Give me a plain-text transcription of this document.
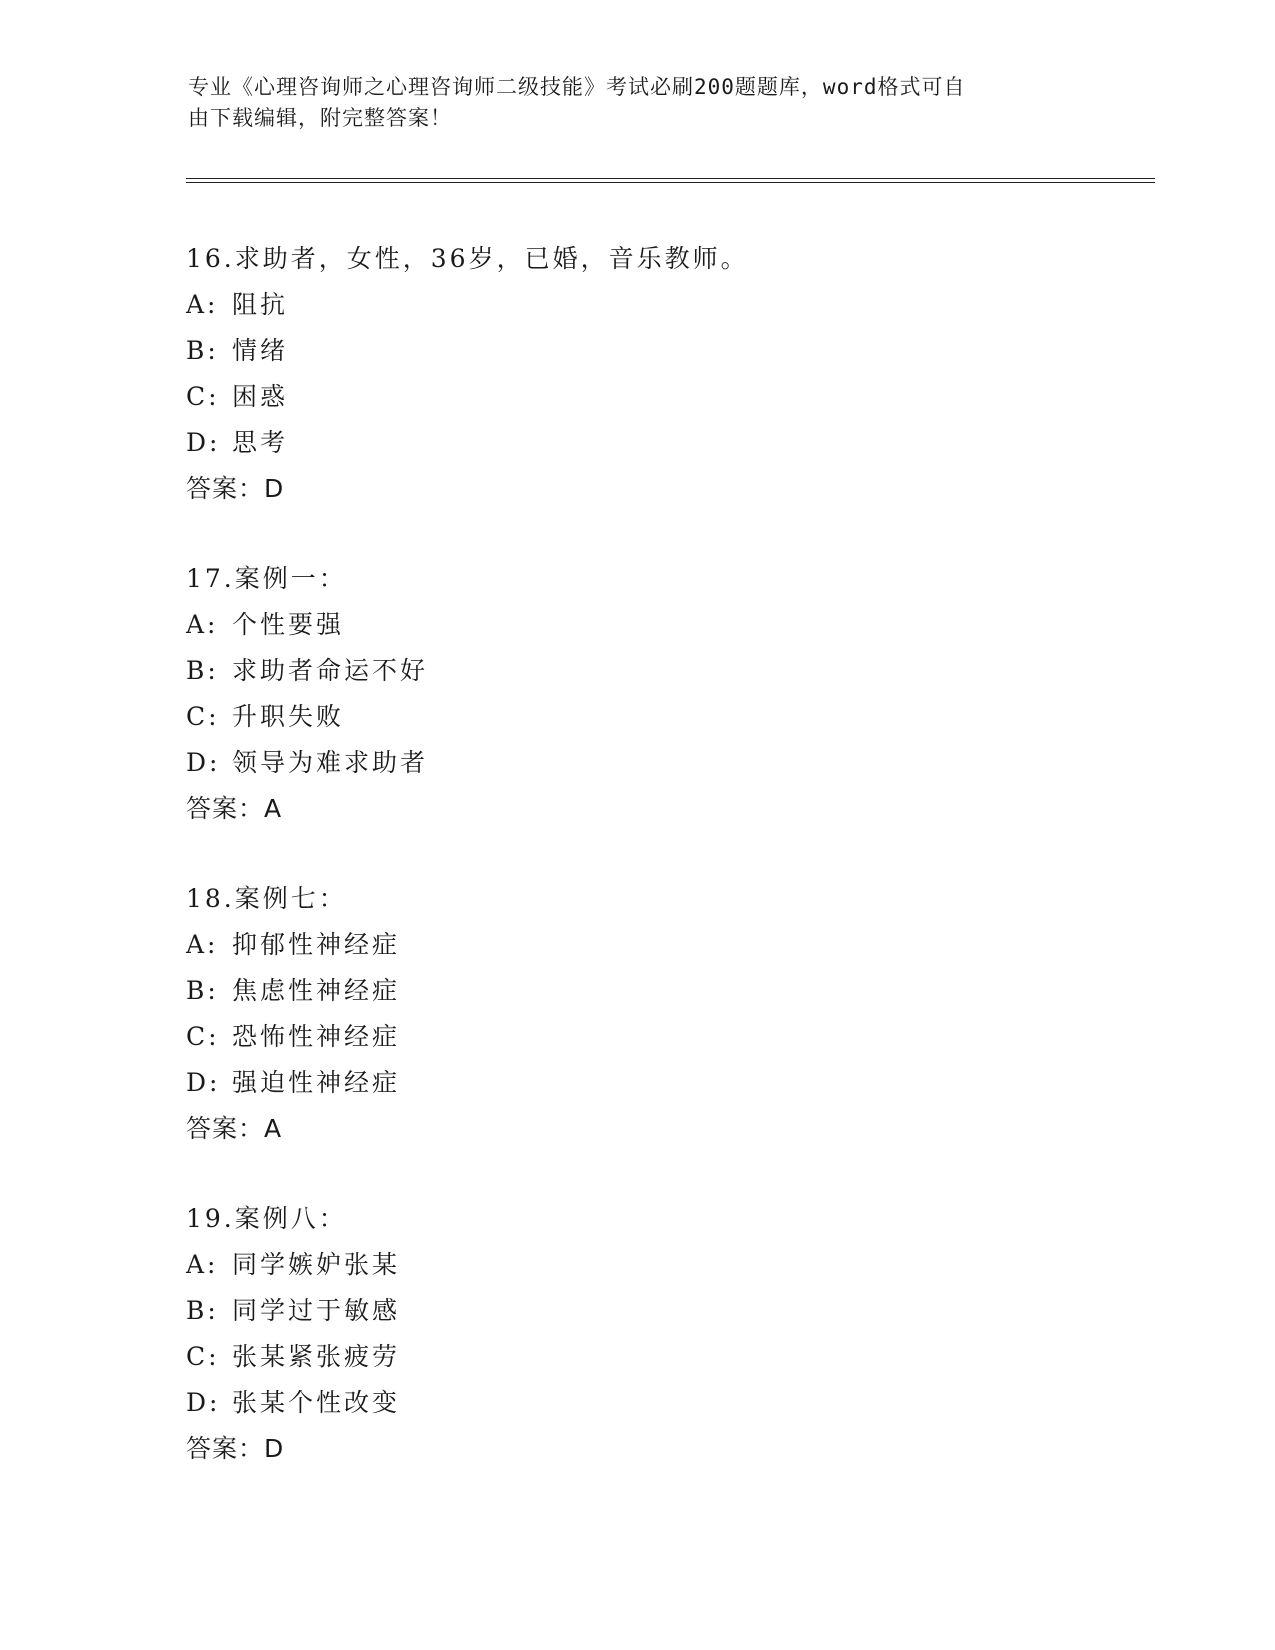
专业《心理咨询师之心理咨询师二级技能》考试必刷200题题库，word格式可自
由下载编辑，附完整答案！
16.求助者，女性，36岁，已婚，音乐教师。
A: 阻抗
B: 情绪
C: 困惑
D: 思考
答案：D
17.案例一：
A: 个性要强
B: 求助者命运不好
C: 升职失败
D: 领导为难求助者
答案：A
18.案例七：
A: 抑郁性神经症
B: 焦虑性神经症
C: 恐怖性神经症
D: 强迫性神经症
答案：A
19.案例八：
A: 同学嫉妒张某
B: 同学过于敏感
C: 张某紧张疲劳
D: 张某个性改变
答案：D
